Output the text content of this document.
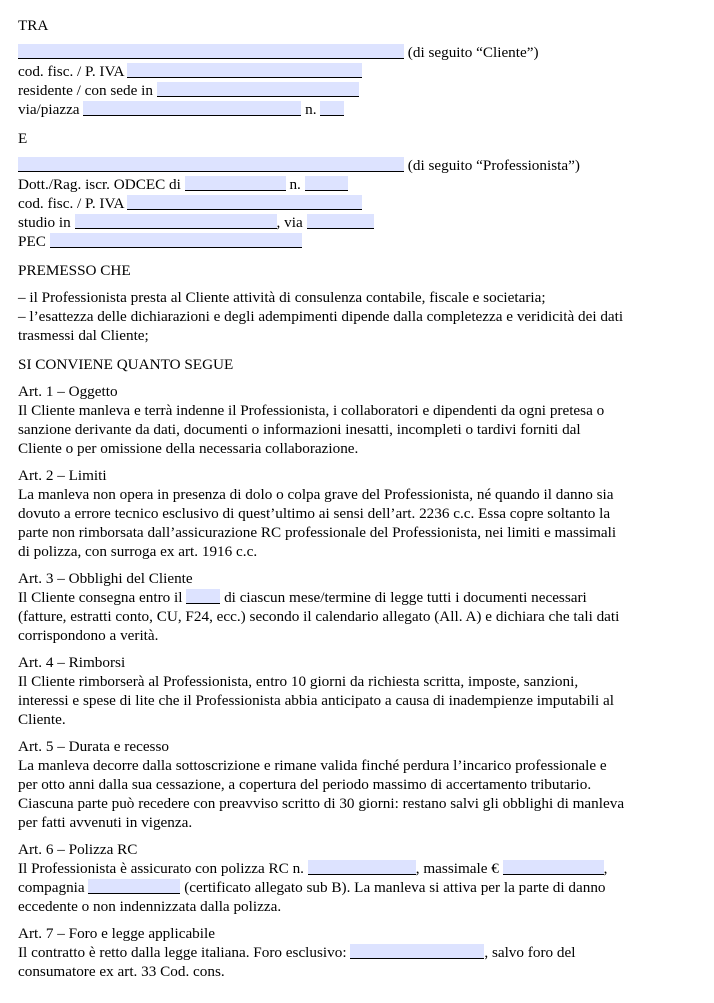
TRA
(di seguito “Cliente”)
cod. fisc. / P. IVA
residente / con sede in
via/piazza	n.
E
(di seguito “Professionista”)
Dott./Rag. iscr. ODCEC di	n.
cod. fisc. / P. IVA
studio in	, via
PEC
PREMESSO CHE
– il Professionista presta al Cliente attività di consulenza contabile, fiscale e societaria;
– l’esattezza delle dichiarazioni e degli adempimenti dipende dalla completezza e veridicità dei dati
trasmessi dal Cliente;
SI CONVIENE QUANTO SEGUE
Art. 1 – Oggetto
Il Cliente manleva e terrà indenne il Professionista, i collaboratori e dipendenti da ogni pretesa o
sanzione derivante da dati, documenti o informazioni inesatti, incompleti o tardivi forniti dal
Cliente o per omissione della necessaria collaborazione.
Art. 2 – Limiti
La manleva non opera in presenza di dolo o colpa grave del Professionista, né quando il danno sia
dovuto a errore tecnico esclusivo di quest’ultimo ai sensi dell’art. 2236 c.c. Essa copre soltanto la
parte non rimborsata dall’assicurazione RC professionale del Professionista, nei limiti e massimali
di polizza, con surroga ex art. 1916 c.c.
Art. 3 – Obblighi del Cliente
Il Cliente consegna entro il	di ciascun mese/termine di legge tutti i documenti necessari
(fatture, estratti conto, CU, F24, ecc.) secondo il calendario allegato (All. A) e dichiara che tali dati
corrispondono a verità.
Art. 4 – Rimborsi
Il Cliente rimborserà al Professionista, entro 10 giorni da richiesta scritta, imposte, sanzioni,
interessi e spese di lite che il Professionista abbia anticipato a causa di inadempienze imputabili al
Cliente.
Art. 5 – Durata e recesso
La manleva decorre dalla sottoscrizione e rimane valida finché perdura l’incarico professionale e
per otto anni dalla sua cessazione, a copertura del periodo massimo di accertamento tributario.
Ciascuna parte può recedere con preavviso scritto di 30 giorni: restano salvi gli obblighi di manleva
per fatti avvenuti in vigenza.
Art. 6 – Polizza RC
Il Professionista è assicurato con polizza RC n.	, massimale €	,
compagnia	(certificato allegato sub B). La manleva si attiva per la parte di danno
eccedente o non indennizzata dalla polizza.
Art. 7 – Foro e legge applicabile
Il contratto è retto dalla legge italiana. Foro esclusivo:	, salvo foro del
consumatore ex art. 33 Cod. cons.
